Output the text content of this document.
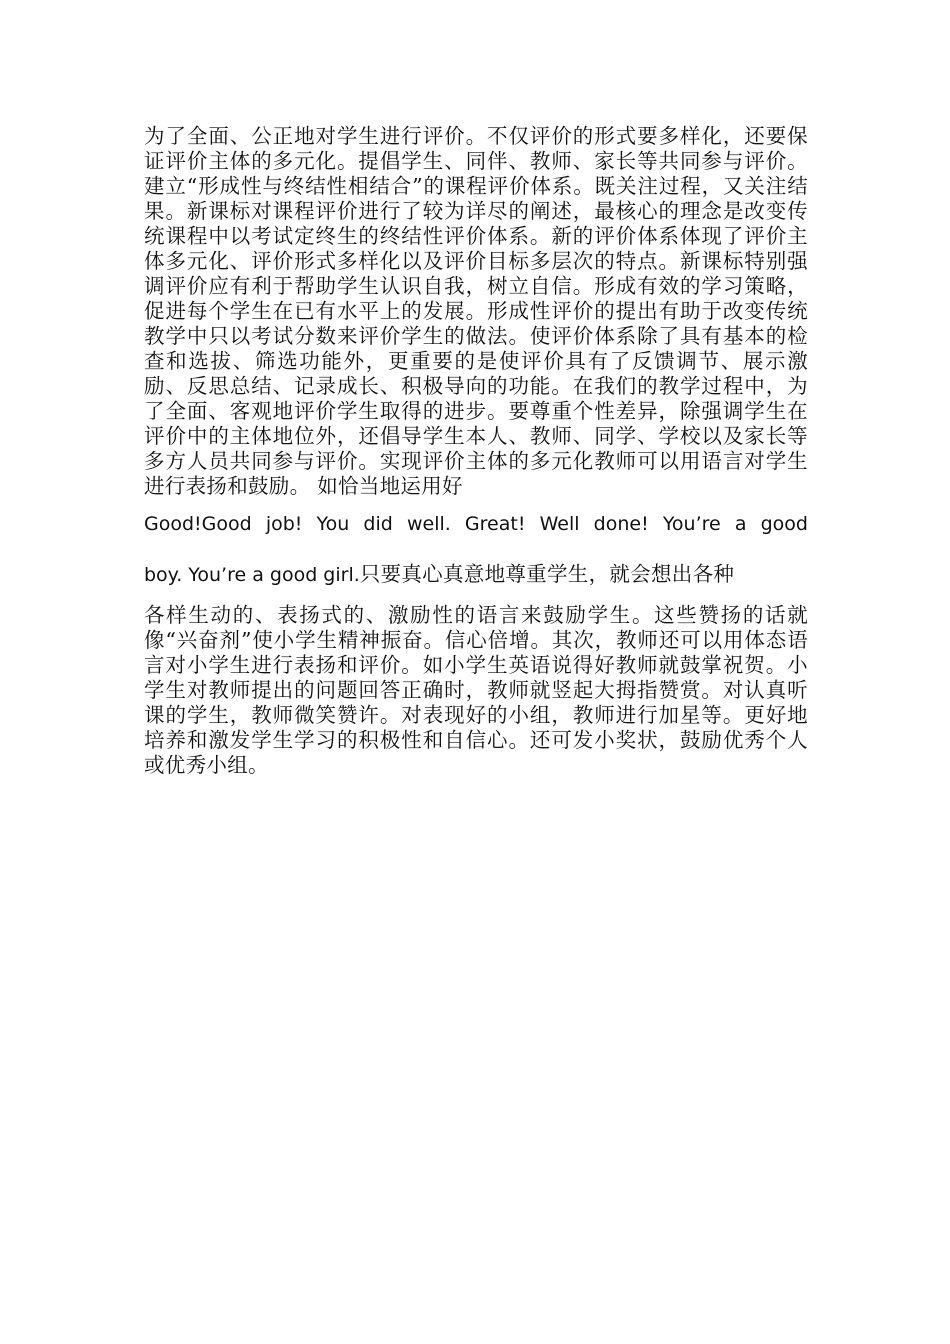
为了全面、公正地对学生进行评价。不仅评价的形式要多样化，还要保证评价主体的多元化。提倡学生、同伴、教师、家长等共同参与评价。建立“形成性与终结性相结合”的课程评价体系。既关注过程，又关注结果。新课标对课程评价进行了较为详尽的阐述，最核心的理念是改变传统课程中以考试定终生的终结性评价体系。新的评价体系体现了评价主体多元化、评价形式多样化以及评价目标多层次的特点。新课标特别强调评价应有利于帮助学生认识自我，树立自信。形成有效的学习策略，促进每个学生在已有水平上的发展。形成性评价的提出有助于改变传统教学中只以考试分数来评价学生的做法。使评价体系除了具有基本的检查和选拔、筛选功能外，更重要的是使评价具有了反馈调节、展示激励、反思总结、记录成长、积极导向的功能。在我们的教学过程中，为了全面、客观地评价学生取得的进步。要尊重个性差异，除强调学生在评价中的主体地位外，还倡导学生本人、教师、同学、学校以及家长等多方人员共同参与评价。实现评价主体的多元化教师可以用语言对学生进行表扬和鼓励。 如恰当地运用好

Good!Good job! You did well. Great! Well done! You’re a good

boy. You’re a good girl.只要真心真意地尊重学生，就会想出各种

各样生动的、表扬式的、激励性的语言来鼓励学生。这些赞扬的话就像“兴奋剂”使小学生精神振奋。信心倍增。其次，教师还可以用体态语言对小学生进行表扬和评价。如小学生英语说得好教师就鼓掌祝贺。小学生对教师提出的问题回答正确时，教师就竖起大拇指赞赏。对认真听课的学生，教师微笑赞许。对表现好的小组，教师进行加星等。更好地培养和激发学生学习的积极性和自信心。还可发小奖状，鼓励优秀个人或优秀小组。
